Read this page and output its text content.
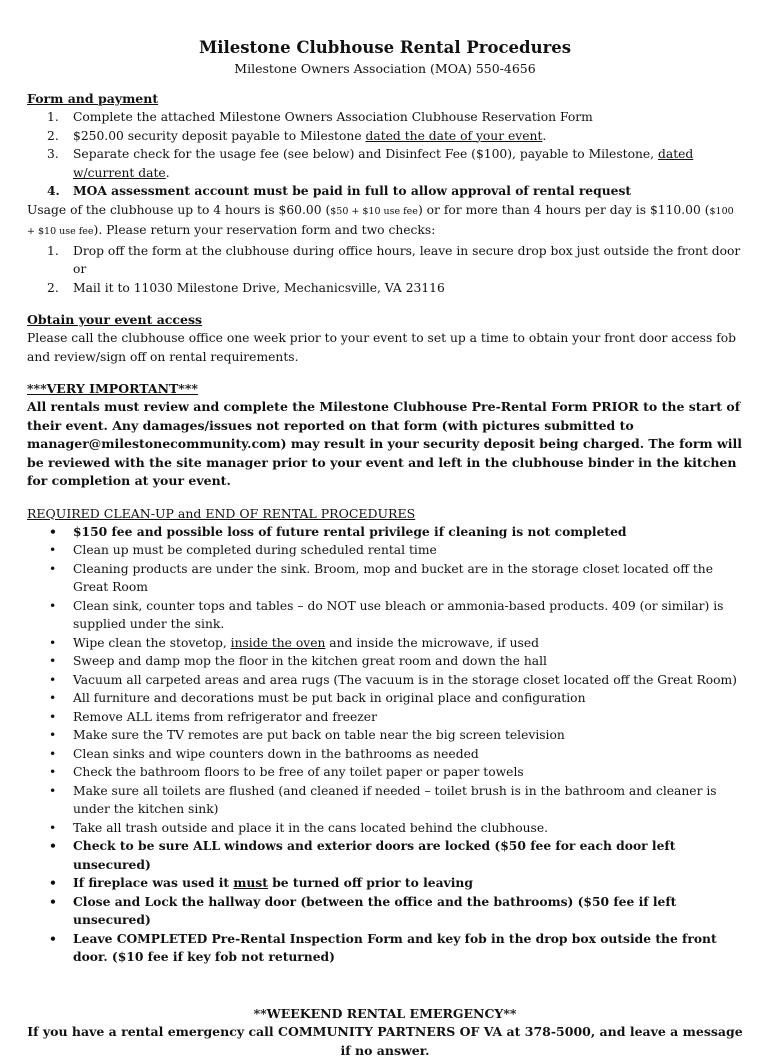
Milestone Clubhouse Rental Procedures

Milestone Owners Association (MOA) 550-4656

Form and payment

1.	Complete the attached Milestone Owners Association Clubhouse Reservation Form
2.	$250.00 security deposit payable to Milestone dated the date of your event.
3.	Separate check for the usage fee (see below) and Disinfect Fee ($100), payable to Milestone, dated w/current date.
4.	MOA assessment account must be paid in full to allow approval of rental request

Usage of the clubhouse up to 4 hours is $60.00 ($50 + $10 use fee) or for more than 4 hours per day is $110.00 ($100 + $10 use fee). Please return your reservation form and two checks:

1.	Drop off the form at the clubhouse during office hours, leave in secure drop box just outside the front door or
2.	Mail it to 11030 Milestone Drive, Mechanicsville, VA 23116

Obtain your event access

Please call the clubhouse office one week prior to your event to set up a time to obtain your front door access fob and review/sign off on rental requirements.

***VERY IMPORTANT***

All rentals must review and complete the Milestone Clubhouse Pre-Rental Form PRIOR to the start of their event. Any damages/issues not reported on that form (with pictures submitted to manager@milestonecommunity.com) may result in your security deposit being charged. The form will be reviewed with the site manager prior to your event and left in the clubhouse binder in the kitchen for completion at your event.

REQUIRED CLEAN-UP and END OF RENTAL PROCEDURES

• $150 fee and possible loss of future rental privilege if cleaning is not completed
• Clean up must be completed during scheduled rental time
• Cleaning products are under the sink. Broom, mop and bucket are in the storage closet located off the Great Room
• Clean sink, counter tops and tables – do NOT use bleach or ammonia-based products. 409 (or similar) is supplied under the sink.
• Wipe clean the stovetop, inside the oven and inside the microwave, if used
• Sweep and damp mop the floor in the kitchen great room and down the hall
• Vacuum all carpeted areas and area rugs (The vacuum is in the storage closet located off the Great Room)
• All furniture and decorations must be put back in original place and configuration
• Remove ALL items from refrigerator and freezer
• Make sure the TV remotes are put back on table near the big screen television
• Clean sinks and wipe counters down in the bathrooms as needed
• Check the bathroom floors to be free of any toilet paper or paper towels
• Make sure all toilets are flushed (and cleaned if needed – toilet brush is in the bathroom and cleaner is under the kitchen sink)
• Take all trash outside and place it in the cans located behind the clubhouse.
• Check to be sure ALL windows and exterior doors are locked ($50 fee for each door left unsecured)
• If fireplace was used it must be turned off prior to leaving
• Close and Lock the hallway door (between the office and the bathrooms) ($50 fee if left unsecured)
• Leave COMPLETED Pre-Rental Inspection Form and key fob in the drop box outside the front door. ($10 fee if key fob not returned)

**WEEKEND RENTAL EMERGENCY**

If you have a rental emergency call COMMUNITY PARTNERS OF VA at 378-5000, and leave a message if no answer.
